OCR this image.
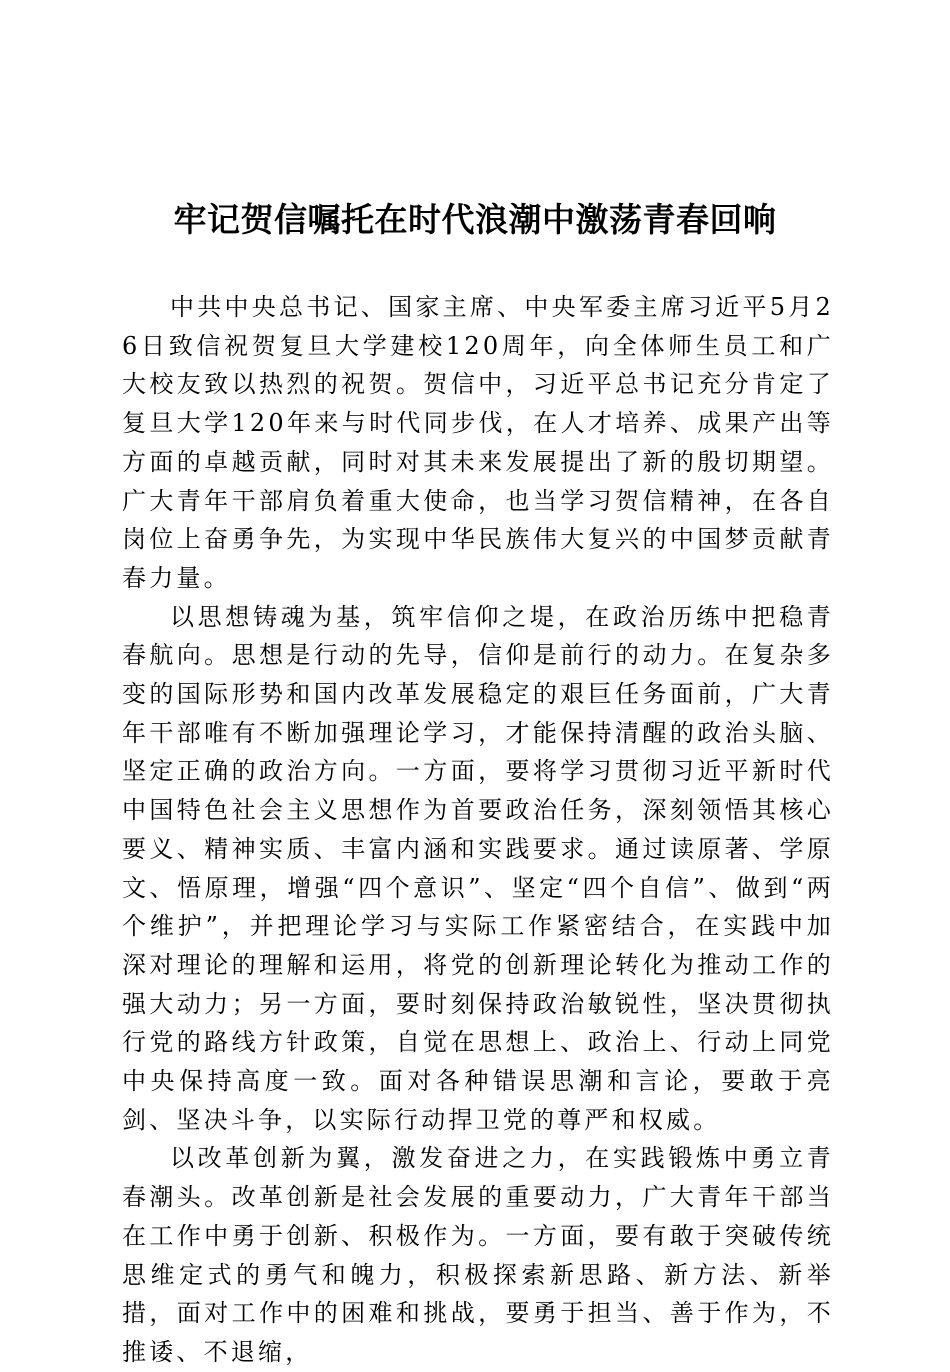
牢记贺信嘱托在时代浪潮中激荡青春回响

中共中央总书记、国家主席、中央军委主席习近平5月26日致信祝贺复旦大学建校120周年，向全体师生员工和广大校友致以热烈的祝贺。贺信中，习近平总书记充分肯定了复旦大学120年来与时代同步伐，在人才培养、成果产出等方面的卓越贡献，同时对其未来发展提出了新的殷切期望。广大青年干部肩负着重大使命，也当学习贺信精神，在各自岗位上奋勇争先，为实现中华民族伟大复兴的中国梦贡献青春力量。

以思想铸魂为基，筑牢信仰之堤，在政治历练中把稳青春航向。思想是行动的先导，信仰是前行的动力。在复杂多变的国际形势和国内改革发展稳定的艰巨任务面前，广大青年干部唯有不断加强理论学习，才能保持清醒的政治头脑、坚定正确的政治方向。一方面，要将学习贯彻习近平新时代中国特色社会主义思想作为首要政治任务，深刻领悟其核心要义、精神实质、丰富内涵和实践要求。通过读原著、学原文、悟原理，增强“四个意识”、坚定“四个自信”、做到“两个维护”，并把理论学习与实际工作紧密结合，在实践中加深对理论的理解和运用，将党的创新理论转化为推动工作的强大动力；另一方面，要时刻保持政治敏锐性，坚决贯彻执行党的路线方针政策，自觉在思想上、政治上、行动上同党中央保持高度一致。面对各种错误思潮和言论，要敢于亮剑、坚决斗争，以实际行动捍卫党的尊严和权威。

以改革创新为翼，激发奋进之力，在实践锻炼中勇立青春潮头。改革创新是社会发展的重要动力，广大青年干部当在工作中勇于创新、积极作为。一方面，要有敢于突破传统思维定式的勇气和魄力，积极探索新思路、新方法、新举措，面对工作中的困难和挑战，要勇于担当、善于作为，不推诿、不退缩，
